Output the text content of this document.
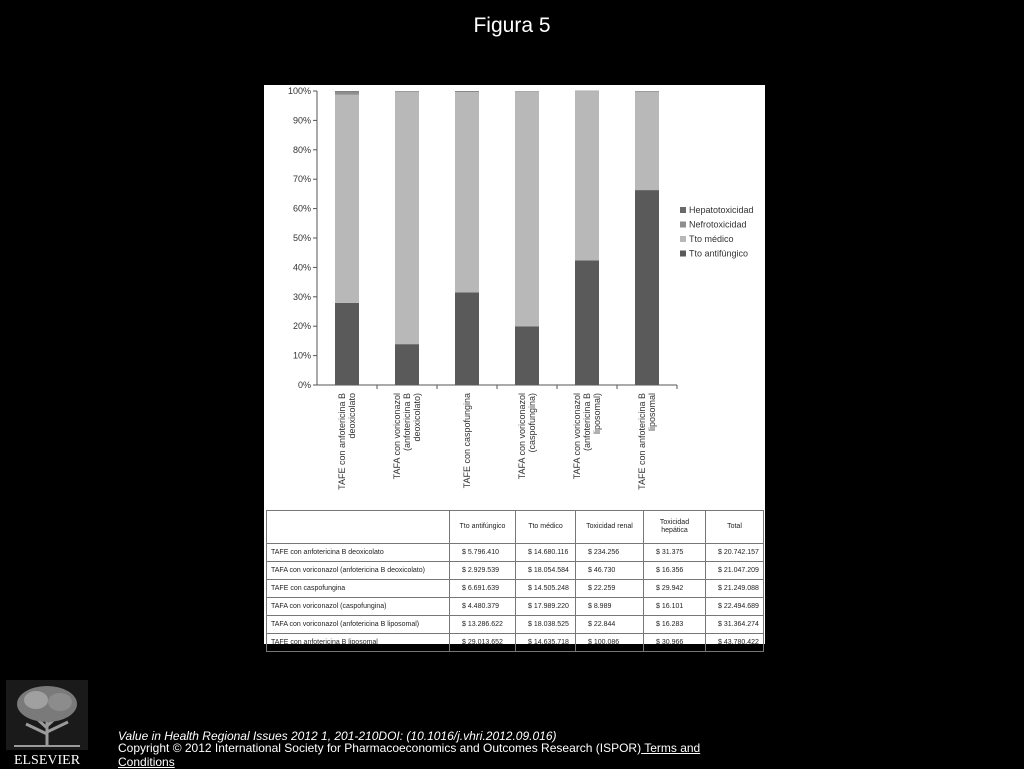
Figura 5
0%
10%
20%
30%
40%
50%
60%
70%
80%
90%
100%
TAFE con anfotericina Bdeoxicolato	TAFA con voriconazol(anfotericina Bdeoxicolato)	TAFE con caspofungina	TAFA con voriconazol(caspofungina)	TAFA con voriconazol(anfotericina Bliposomal)	TAFE con anfotericina Bliposomal
Hepatotoxicidad
Nefrotoxicidad
Tto médico
Tto antifúngico
	Tto antifúngico	Tto médico	Toxicidad renal	Toxicidad hepática	Total
TAFE con anfotericina B deoxicolato	$ 5.796.410	$ 14.680.116	$ 234.256	$ 31.375	$ 20.742.157
TAFA con voriconazol (anfotericina B deoxicolato)	$ 2.929.539	$ 18.054.584	$ 46.730	$ 16.356	$ 21.047.209
TAFE con caspofungina	$ 6.691.639	$ 14.505.248	$ 22.259	$ 29.942	$ 21.249.088
TAFA con voriconazol (caspofungina)	$ 4.480.379	$ 17.989.220	$ 8.989	$ 16.101	$ 22.494.689
TAFA con voriconazol (anfotericina B liposomal)	$ 13.286.622	$ 18.038.525	$ 22.844	$ 16.283	$ 31.364.274
TAFE con anfotericina B liposomal	$ 29.013.652	$ 14.635.718	$ 100.086	$ 30.966	$ 43.780.422
ELSEVIER
Value in Health Regional Issues 2012 1, 201-210DOI: (10.1016/j.vhri.2012.09.016)
Copyright © 2012 International Society for Pharmacoeconomics and Outcomes Research (ISPOR) Terms and Conditions
